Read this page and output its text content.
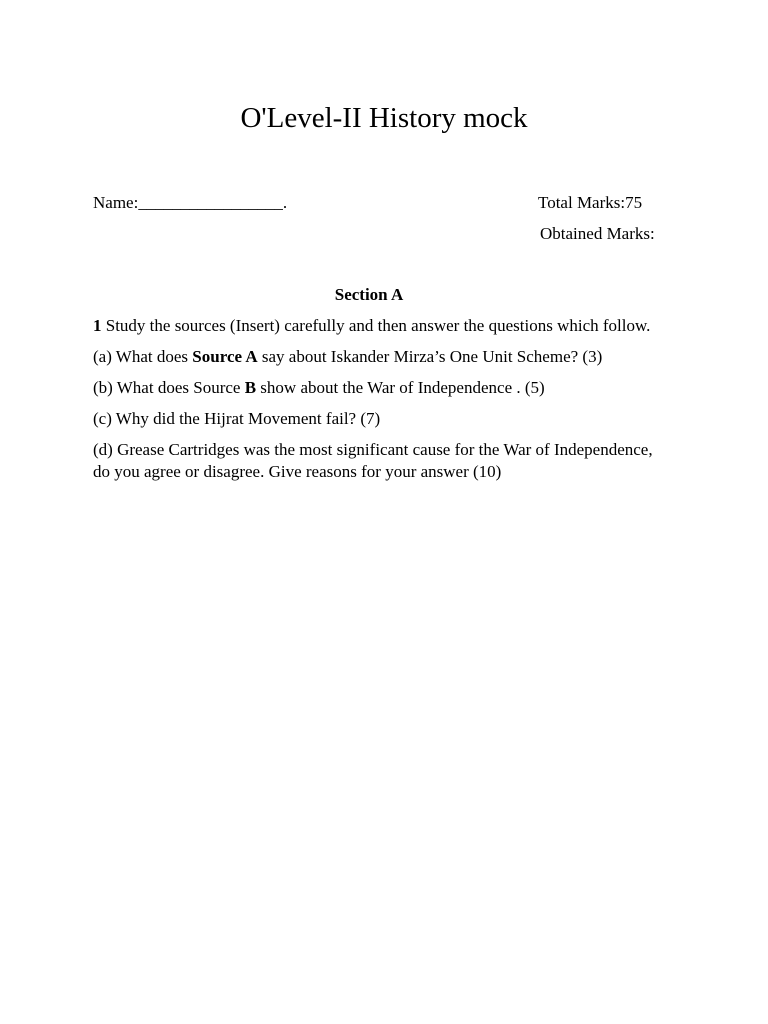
O'Level-II History mock
Name:_________________.	Total Marks:75
Obtained Marks:
Section A

1 Study the sources (Insert) carefully and then answer the questions which follow.

(a) What does Source A say about Iskander Mirza’s One Unit Scheme? (3)

(b) What does Source B show about the War of Independence . (5)

(c) Why did the Hijrat Movement fail? (7)

(d) Grease Cartridges was the most significant cause for the War of Independence, do you agree or disagree. Give reasons for your answer (10)
